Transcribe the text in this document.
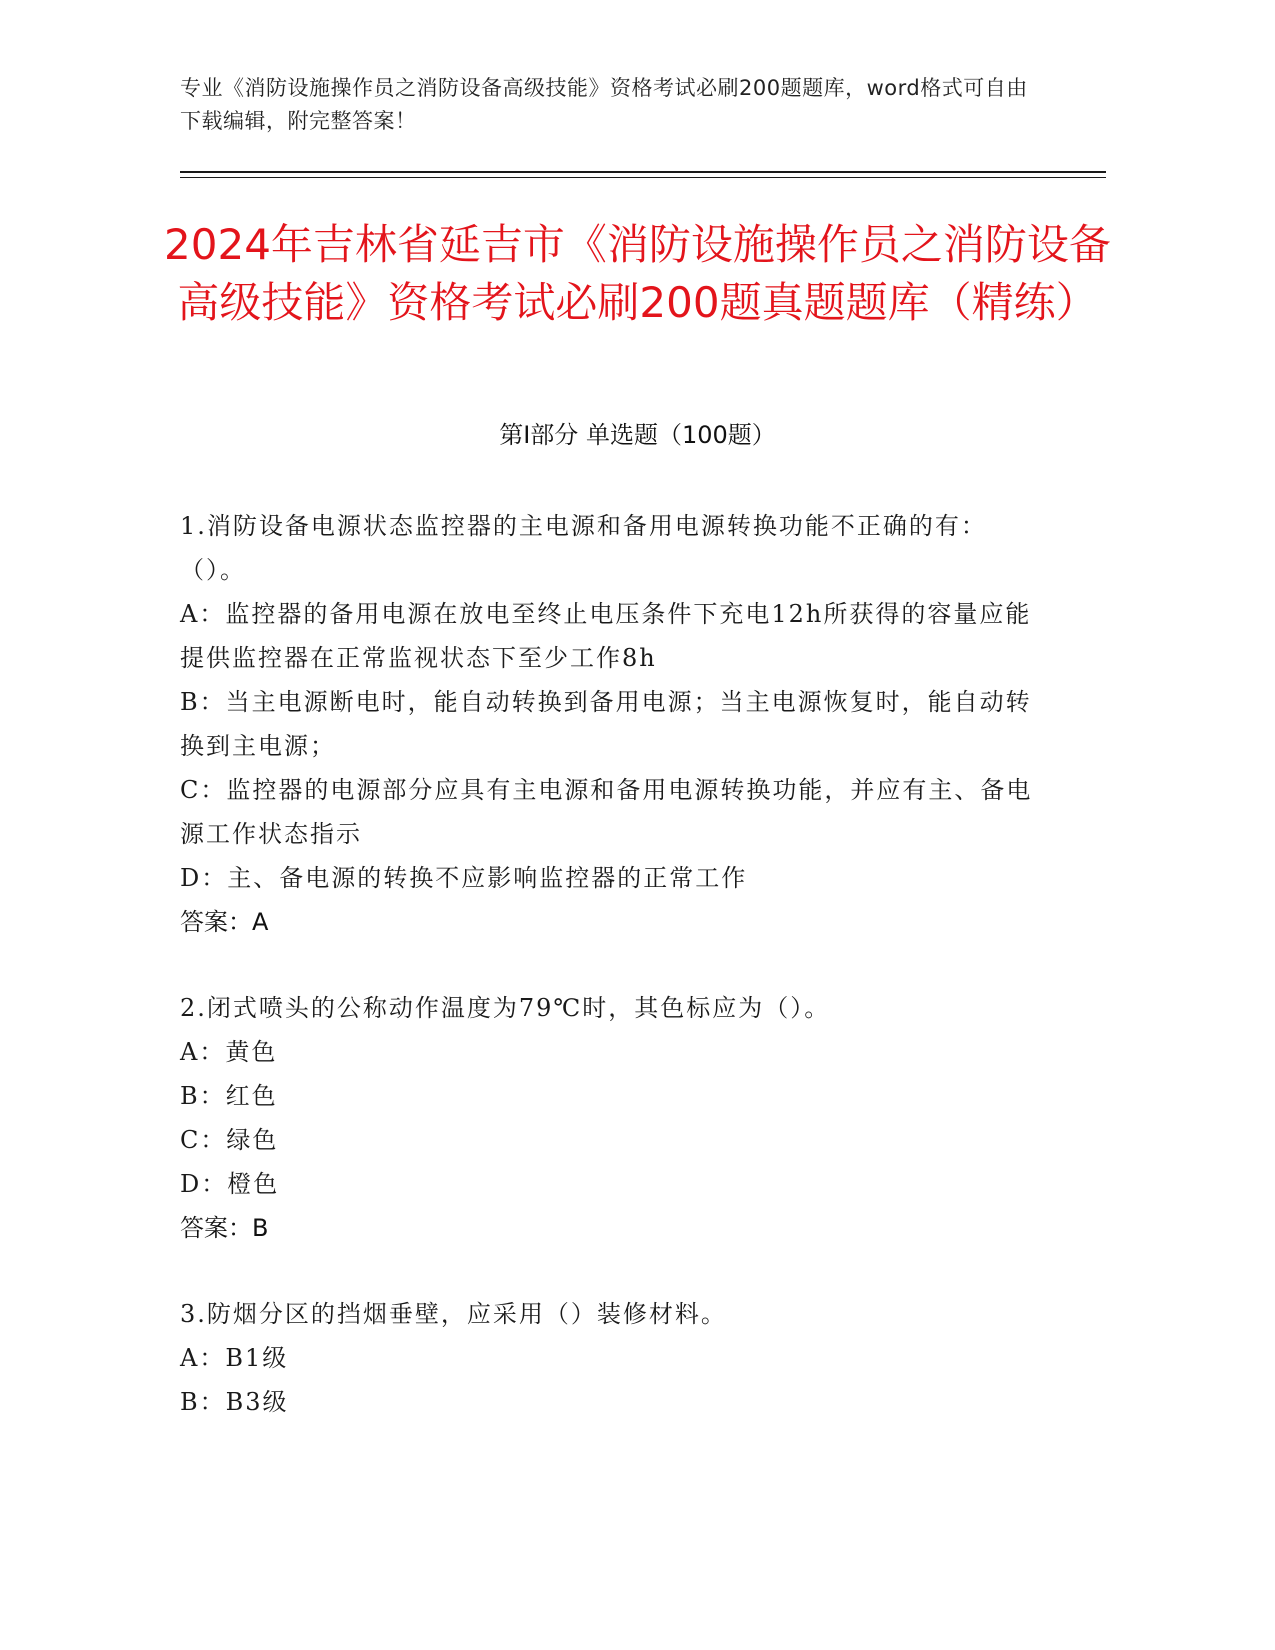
专业《消防设施操作员之消防设备高级技能》资格考试必刷200题题库，word格式可自由下载编辑，附完整答案！
2024年吉林省延吉市《消防设施操作员之消防设备高级技能》资格考试必刷200题真题题库（精练）
第I部分 单选题（100题）
1.消防设备电源状态监控器的主电源和备用电源转换功能不正确的有：（）。
A：监控器的备用电源在放电至终止电压条件下充电12h所获得的容量应能提供监控器在正常监视状态下至少工作8h
B：当主电源断电时，能自动转换到备用电源；当主电源恢复时，能自动转换到主电源；
C：监控器的电源部分应具有主电源和备用电源转换功能，并应有主、备电源工作状态指示
D：主、备电源的转换不应影响监控器的正常工作
答案：A
2.闭式喷头的公称动作温度为79℃时，其色标应为（）。
A：黄色
B：红色
C：绿色
D：橙色
答案：B
3.防烟分区的挡烟垂壁，应采用（）装修材料。
A：B1级
B：B3级
